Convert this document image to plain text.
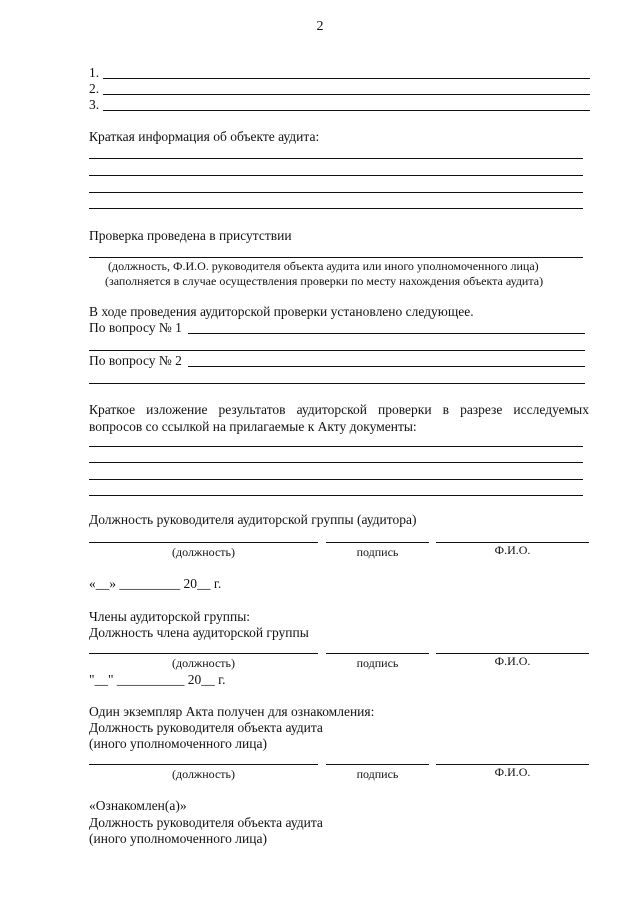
2
1.
2.
3.
Краткая информация об объекте аудита:
Проверка проведена в присутствии
(должность, Ф.И.О. руководителя объекта аудита или иного уполномоченного лица)
(заполняется в случае осуществления проверки по месту нахождения объекта аудита)
В ходе проведения аудиторской проверки установлено следующее.
По вопросу № 1
По вопросу № 2
Краткое изложение результатов аудиторской проверки в разрезе исследуемых
вопросов со ссылкой на прилагаемые к Акту документы:
Должность руководителя аудиторской группы (аудитора)
(должность)	подпись	Ф.И.О.
«__» _________ 20__ г.
Члены аудиторской группы:
Должность члена аудиторской группы
(должность)	подпись	Ф.И.О.
"__" __________ 20__ г.
Один экземпляр Акта получен для ознакомления:
Должность руководителя объекта аудита
(иного уполномоченного лица)
(должность)	подпись	Ф.И.О.
«Ознакомлен(а)»
Должность руководителя объекта аудита
(иного уполномоченного лица)
